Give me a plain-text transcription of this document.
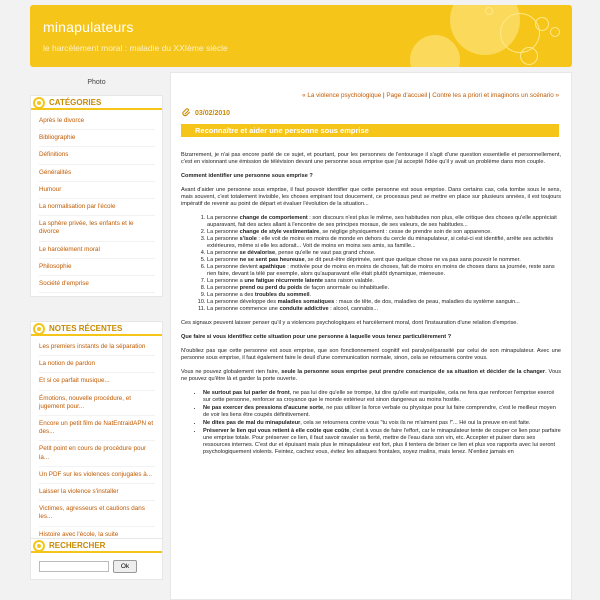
minapulateurs
le harcèlement moral : maladie du XXIème siècle
Photo
CATÉGORIES
Après le divorce
Bibliographie
Définitions
Généralités
Humour
La normalisation par l'école
La sphère privée, les enfants et le divorce
Le harcèlement moral
Philosophie
Société d'emprise
NOTES RÉCENTES
Les premiers instants de la séparation
La notion de pardon
Et si ce parfait musique...
Émotions, nouvelle procédure, et jugement pour...
Encore un petit film de NatEntraidAPN et des...
Petit point en cours de procédure pour la...
Un PDF sur les violences conjugales à...
Laisser la violence s'installer
Victimes, agresseurs et cautions dans les...
Histoire avec l'école, la suite
RECHERCHER
Ok
« La violence psychologique | Page d'accueil | Contre les a priori et imaginons un scénario »
03/02/2010
Reconnaître et aider une personne sous emprise

Bizarrement, je n'ai pas encore parlé de ce sujet, et pourtant, pour les personnes de l'entourage il s'agit d'une question essentielle et personnellement, c'est en visionnant une émission de télévision devant une personne sous emprise que j'ai accepté l'idée qu'il y avait un problème dans mon couple.

Comment identifier une personne sous emprise ?

Avant d'aider une personne sous emprise, il faut pouvoir identifier que cette personne est sous emprise. Dans certains cas, cela tombe sous le sens, mais souvent, c'est totalement invisible, les choses empirant tout doucement, ce processus peut se mettre en place sur plusieurs années, il est toujours impératif de revenir au point de départ et évaluer l'évolution de la situation...

1. La personne change de comportement : son discours n'est plus le même, ses habitudes non plus, elle critique des choses qu'elle appréciait auparavant, fait des actes allant à l'encontre de ses principes moraux, de ses valeurs, de ses habitudes...
2. La personne change de style vestimentaire, se néglige physiquement : cesse de prendre soin de son apparence.
3. La personne s'isole : elle voit de moins en moins de monde en dehors du cercle du minapulateur, si celui-ci est identifié, arrête ses activités extérieures, même si elle les adorait... Voit de moins en moins ses amis, sa famille...
4. La personne se dévalorise, pense qu'elle ne vaut pas grand chose.
5. La personne ne se sent pas heureuse, se dit peut-être déprimée, sent que quelque chose ne va pas sans pouvoir le nommer.
6. La personne devient apathique : motivée pour de moins en moins de choses, fait de moins en moins de choses dans sa journée, reste sans rien faire, devant la télé par exemple, alors qu'auparavant elle était plutôt dynamique, mieneuse.
7. La personne a une fatigue récurrente latente sans raison valable.
8. La personne prend ou perd du poids de façon anormale ou inhabituelle.
9. La personne a des troubles du sommeil.
10. La personne développe des maladies somatiques : maux de tête, de dos, maladies de peau, maladies du système sanguin...
11. La personne commence une conduite addictive : alcool, cannabis...

Ces signaux peuvent laisser penser qu'il y a violences psychologiques et harcèlement moral, dont l'instauration d'une relation d'emprise.

Que faire si vous identifiez cette situation pour une personne à laquelle vous tenez particulièrement ?

N'oubliez pas que cette personne est sous emprise, que son fonctionnement cognitif est paralysé/parasité par celui de son minapulateur. Avec une personne sous emprise, il faut également faire le deuil d'une communication normale, sinon, cela se retournera contre vous.

Vous ne pouvez globalement rien faire, seule la personne sous emprise peut prendre conscience de sa situation et décider de la changer. Vous ne pouvez qu'être là et garder la porte ouverte.

• Ne surtout pas lui parler de front, ne pas lui dire qu'elle se trompe, lui dire qu'elle est manipulée, cela ne fera que renforcer l'emprise exercé sur cette personne, renforcer sa croyance que le monde extérieur est sinon dangereux au moins hostile.
• Ne pas exercer des pressions d'aucune sorte, ne pas utiliser la force verbale ou physique pour lui faire comprendre, c'est le meilleur moyen de voir les liens être coupés définitivement.
• Ne dites pas de mal du minapulateur, cela se retournera contre vous "tu vois ils ne m'aiment pas !"... Hé oui la preuve en est faite.
• Préserver le lien qui vous retient à elle coûte que coûte, c'est à vous de faire l'effort, car le minapulateur tente de couper ce lien pour parfaire une emprise totale. Pour préserver ce lien, il faut savoir ravaler sa fierté, mettre de l'eau dans son vin, etc. Accepter et puiser dans ses ressources internes. C'est dur et épuisant mais plus le minapulateur est fort, plus il tentera de briser ce lien et plus vos rapports avec lui seront psychologiquement violents. Feintez, cachez vous, évitez les attaques frontales, soyez malins, mais lenez. N'entiez jamais en
